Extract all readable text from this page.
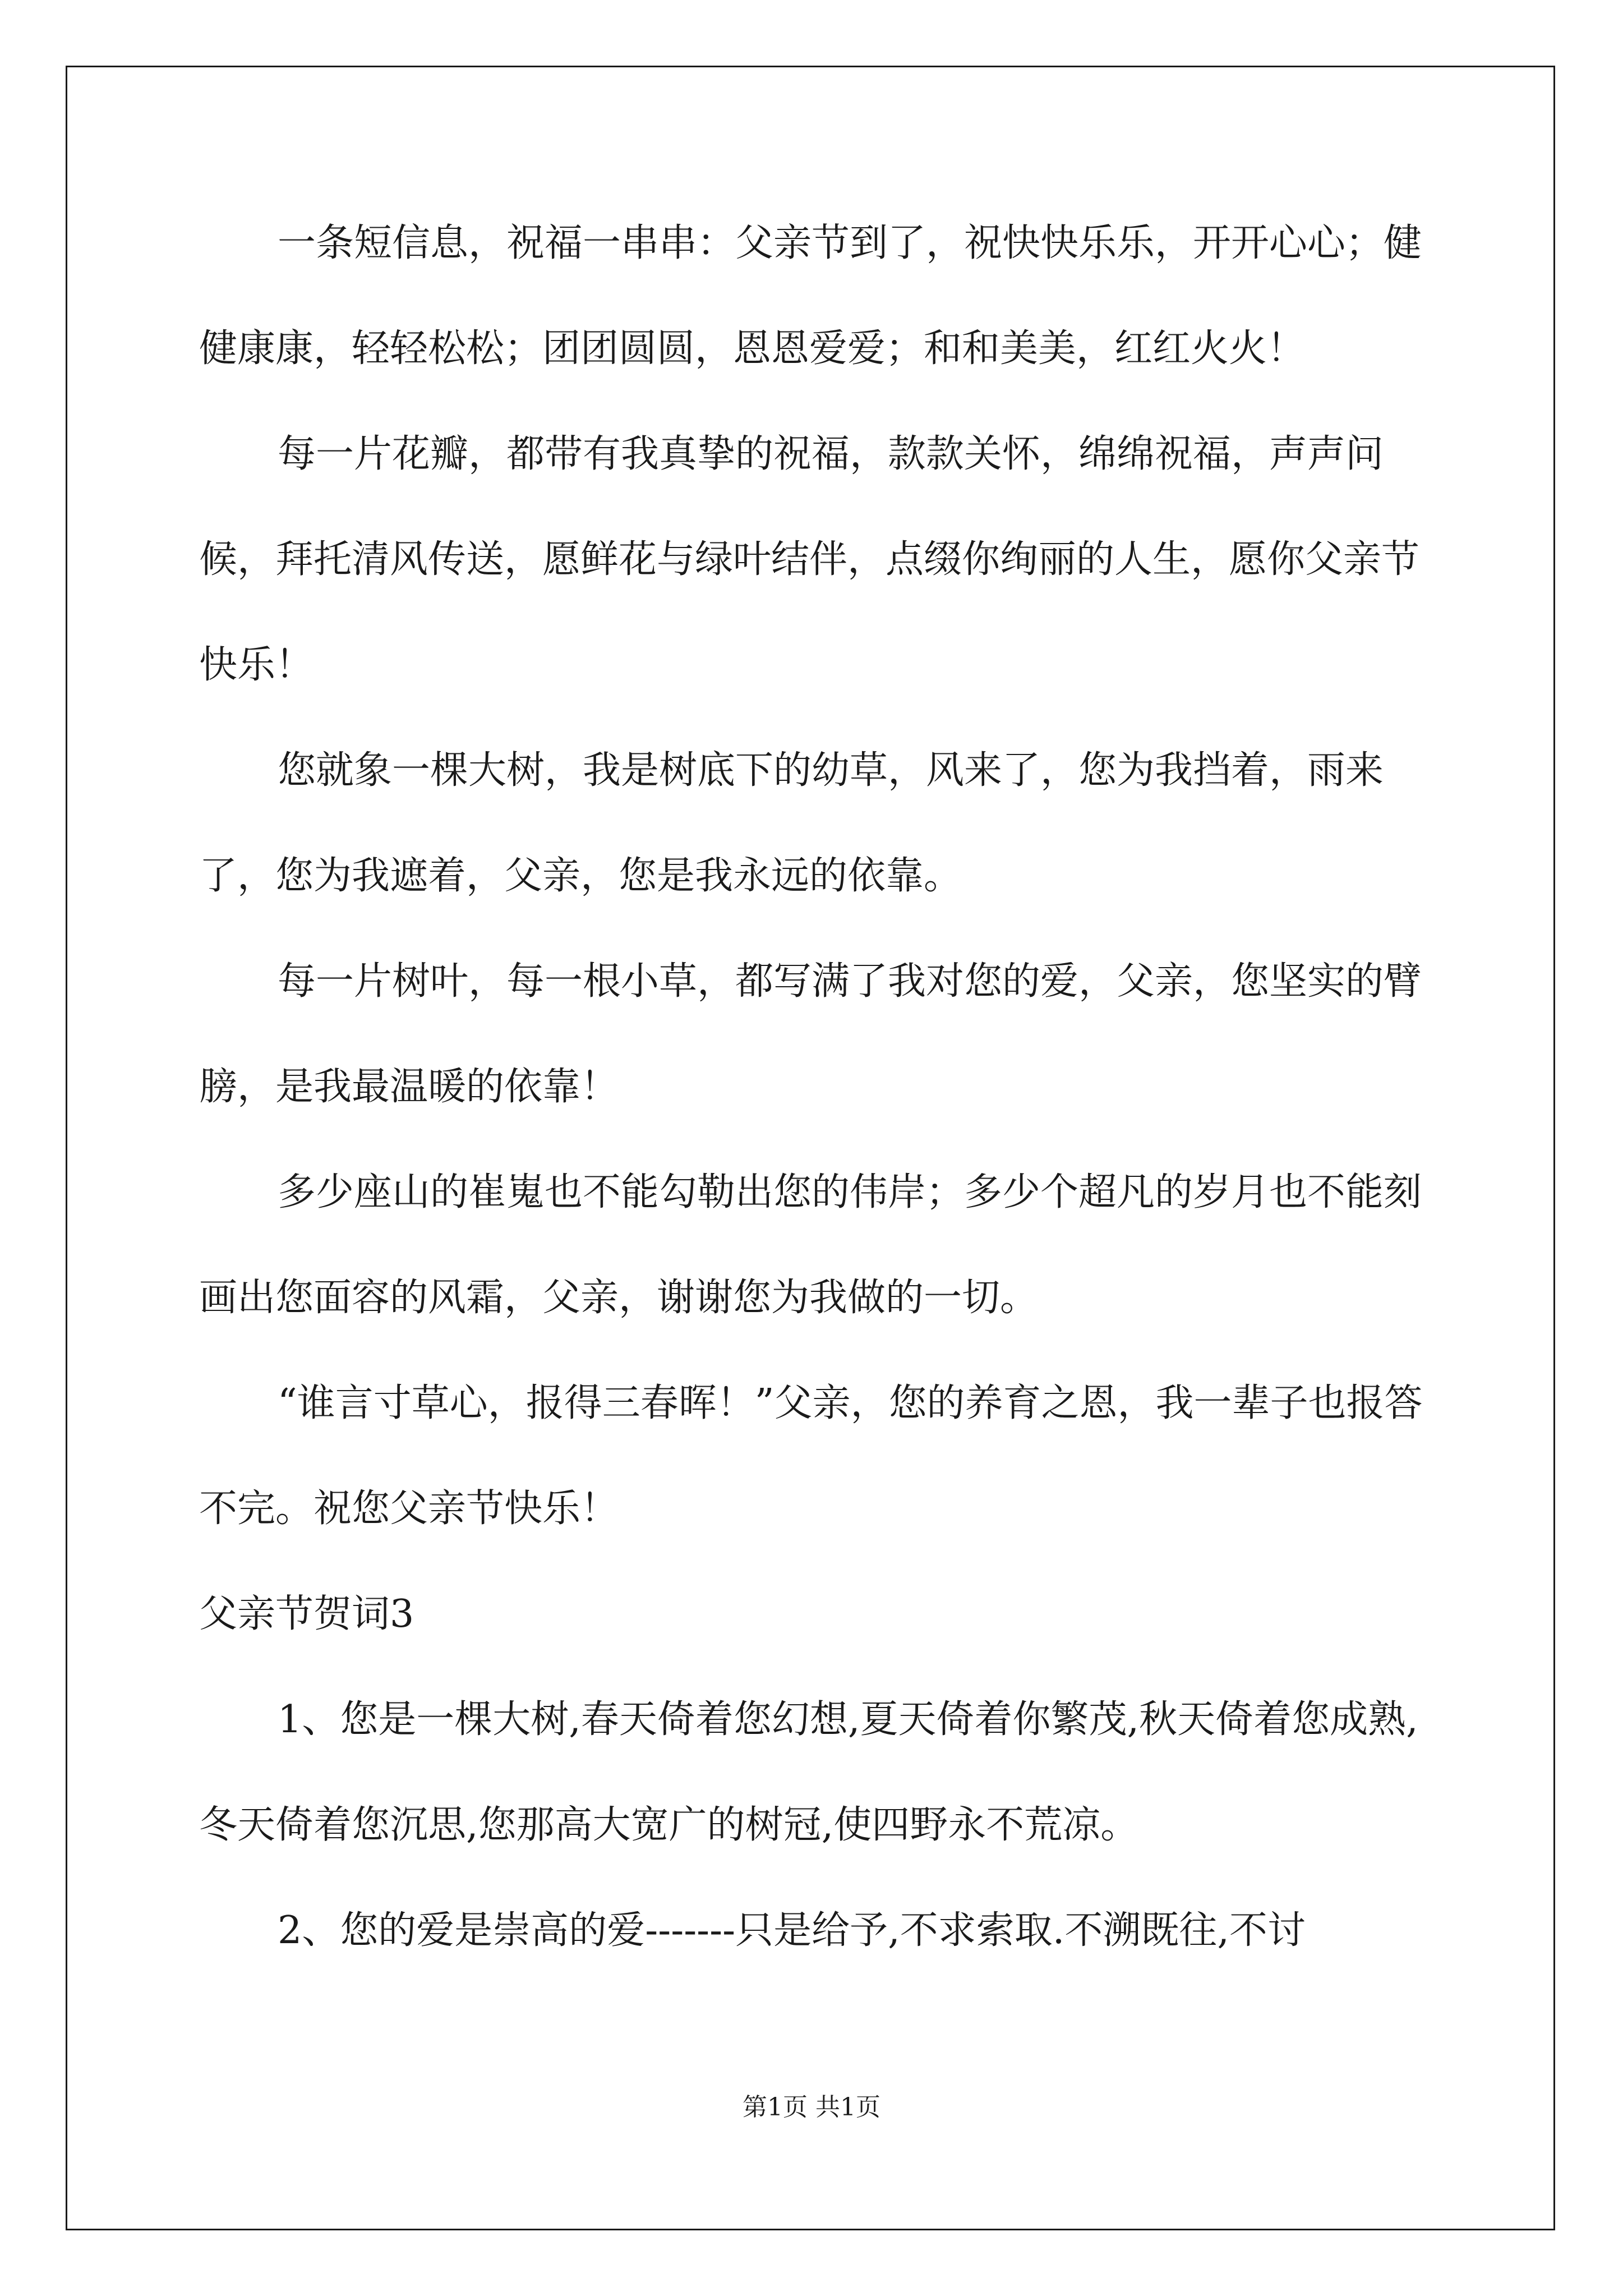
一条短信息，祝福一串串：父亲节到了，祝快快乐乐，开开心心；健健康康，轻轻松松；团团圆圆，恩恩爱爱；和和美美，红红火火！

每一片花瓣，都带有我真挚的祝福，款款关怀，绵绵祝福，声声问候，拜托清风传送，愿鲜花与绿叶结伴，点缀你绚丽的人生，愿你父亲节快乐！

您就象一棵大树，我是树底下的幼草，风来了，您为我挡着，雨来了，您为我遮着，父亲，您是我永远的依靠。

每一片树叶，每一根小草，都写满了我对您的爱，父亲，您坚实的臂膀，是我最温暖的依靠！

多少座山的崔嵬也不能勾勒出您的伟岸；多少个超凡的岁月也不能刻画出您面容的风霜，父亲，谢谢您为我做的一切。

“谁言寸草心，报得三春晖！”父亲，您的养育之恩，我一辈子也报答不完。祝您父亲节快乐！

父亲节贺词3

1、您是一棵大树,春天倚着您幻想,夏天倚着你繁茂,秋天倚着您成熟,冬天倚着您沉思,您那高大宽广的树冠,使四野永不荒凉。

2、您的爱是崇高的爱-------只是给予,不求索取.不溯既往,不讨

第1页 共1页
